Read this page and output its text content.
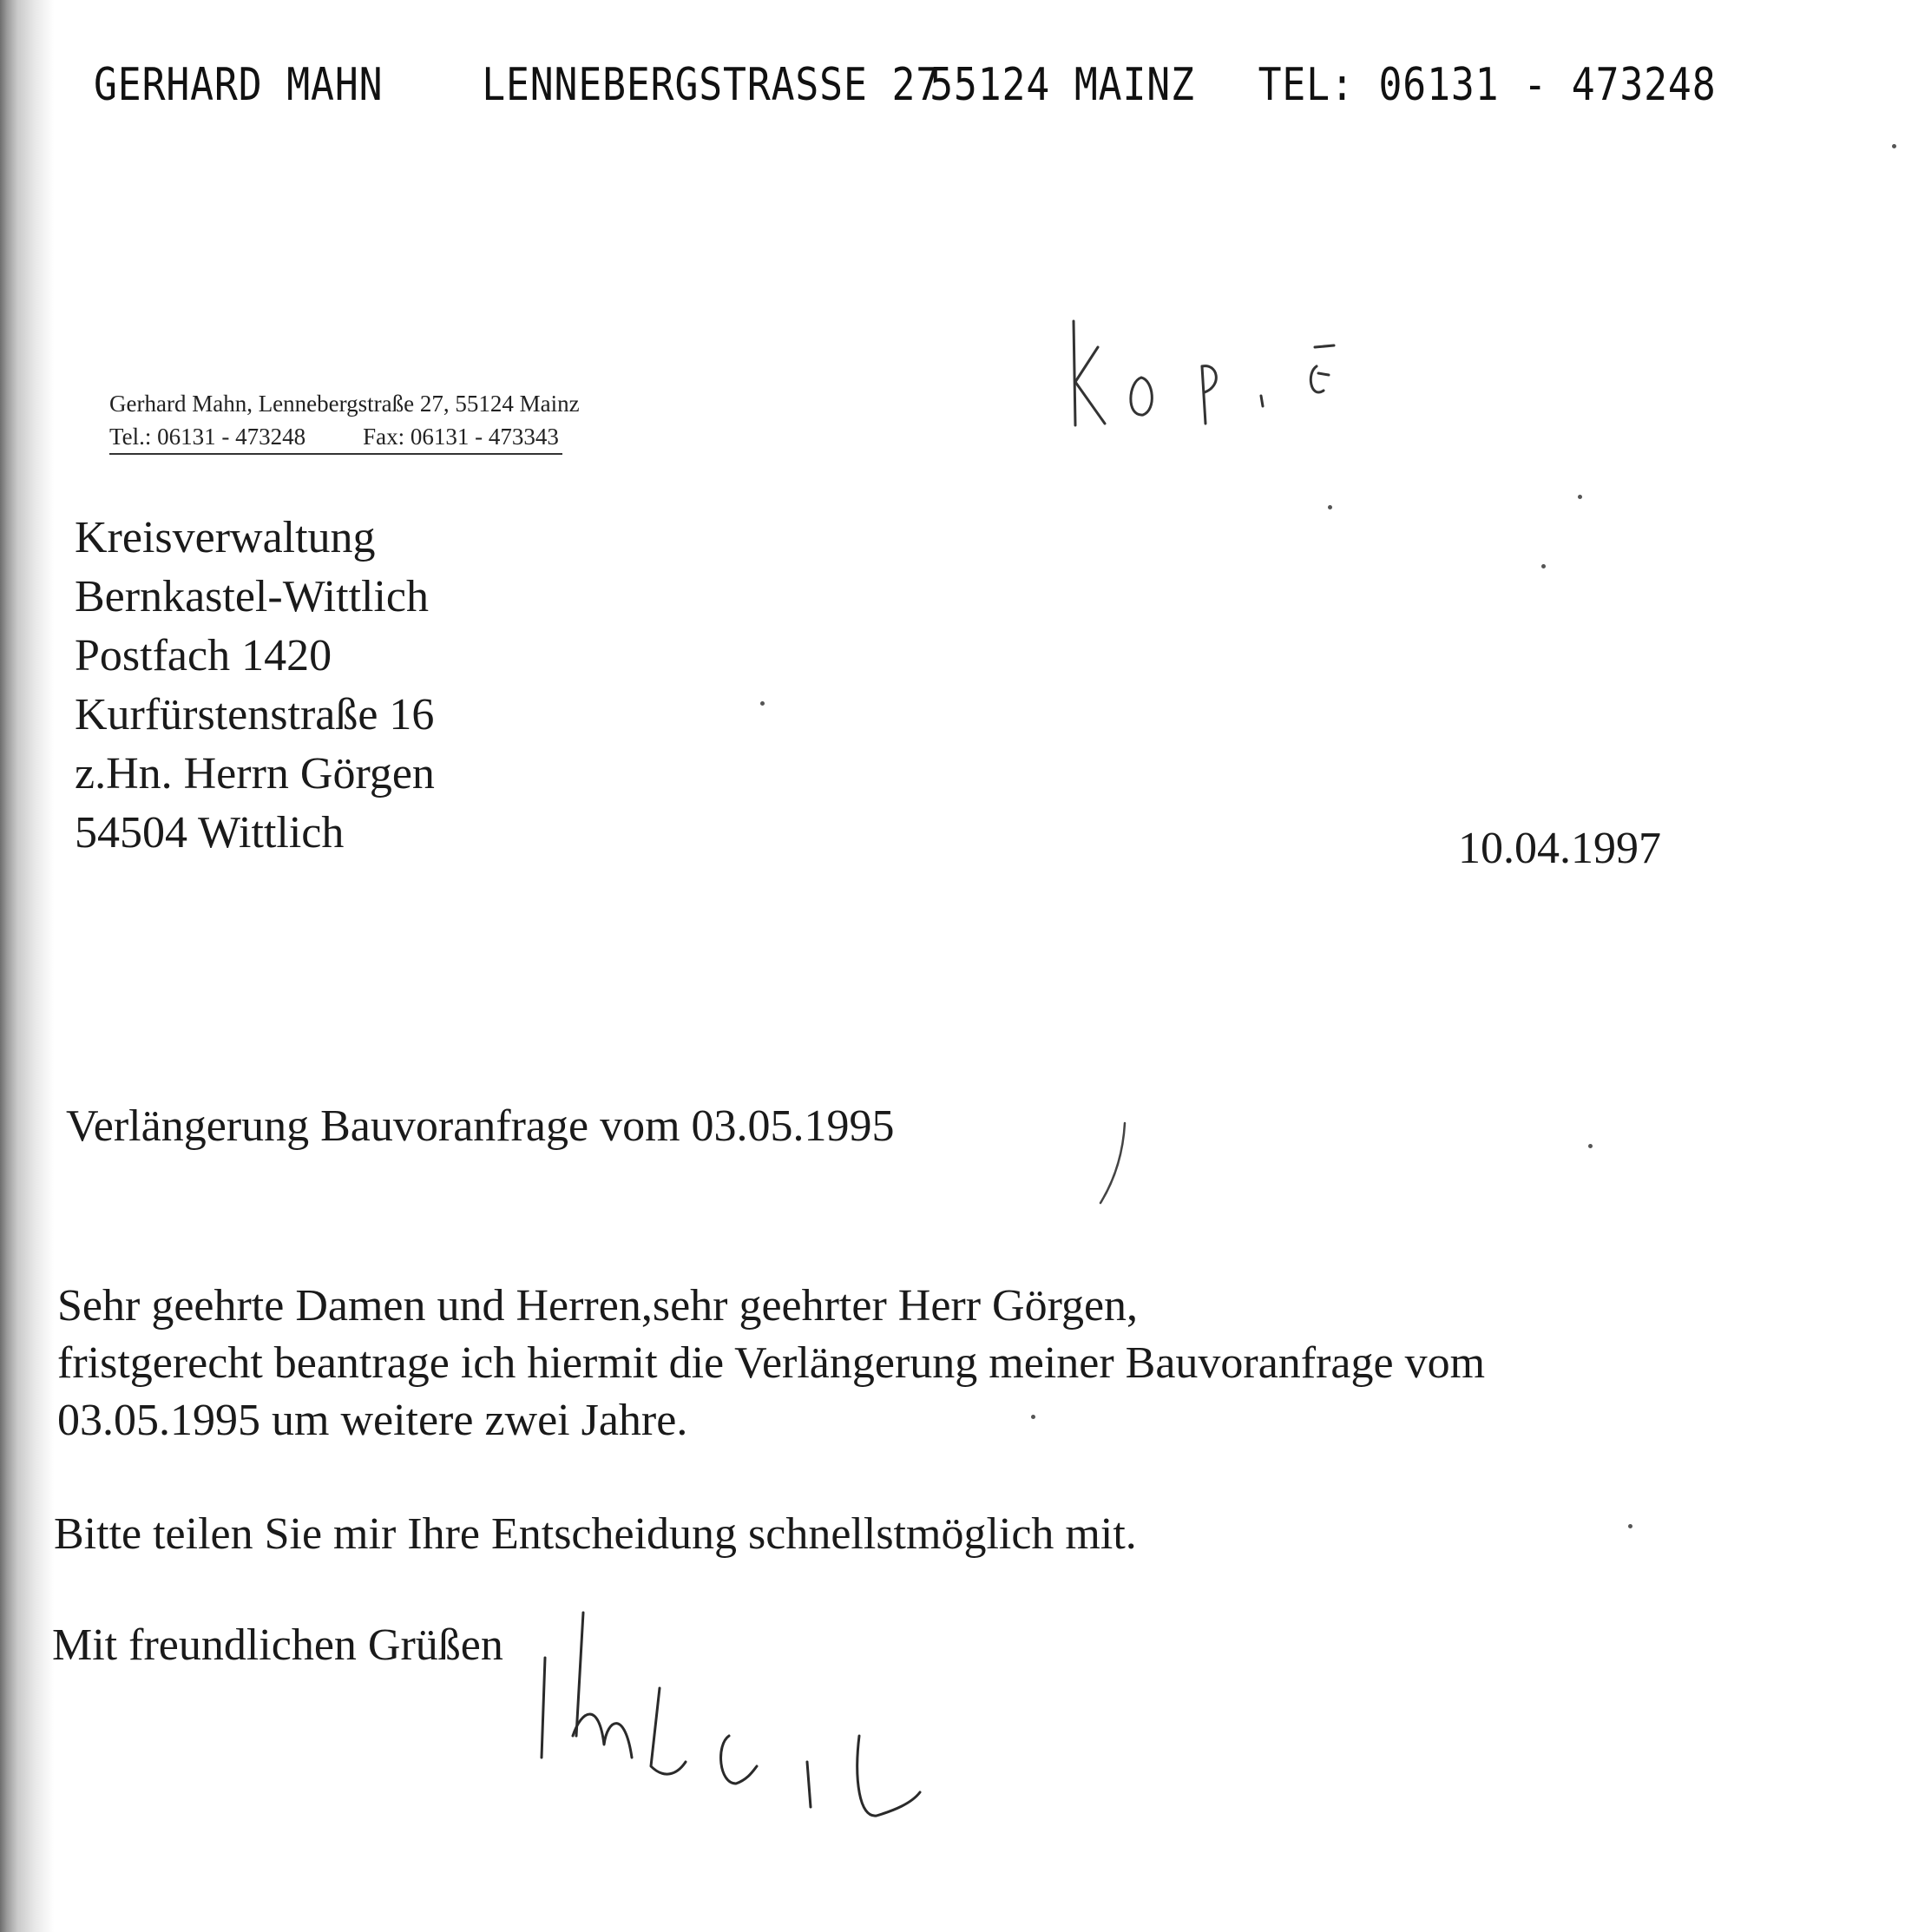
GERHARD MAHN LENNEBERGSTRASSE 27
55124 MAINZ TEL: 06131 - 473248
Gerhard Mahn, Lennebergstraße 27, 55124 Mainz
Tel.: 06131 - 473248 Fax: 06131 - 473343
Kreisverwaltung
Bernkastel-Wittlich
Postfach 1420
Kurfürstenstraße 16
z.Hn. Herrn Görgen
54504 Wittlich	10.04.1997
Verlängerung Bauvoranfrage vom 03.05.1995
Sehr geehrte Damen und Herren,sehr geehrter Herr Görgen,
fristgerecht beantrage ich hiermit die Verlängerung meiner Bauvoranfrage vom
03.05.1995 um weitere zwei Jahre.
Bitte teilen Sie mir Ihre Entscheidung schnellstmöglich mit.
Mit freundlichen Grüßen
